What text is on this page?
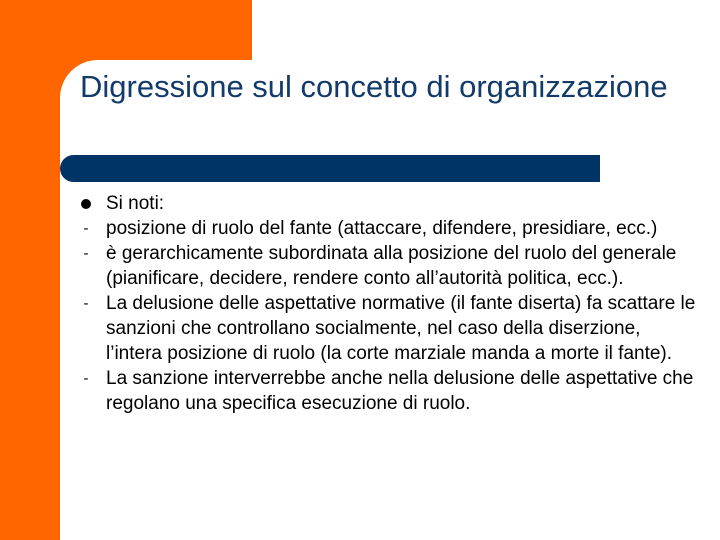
Digressione sul concetto di organizzazione
Si noti:
- posizione di ruolo del fante (attaccare, difendere, presidiare, ecc.)
- è gerarchicamente subordinata alla posizione del ruolo del generale (pianificare, decidere, rendere conto all’autorità politica, ecc.).
- La delusione delle aspettative normative (il fante diserta) fa scattare le sanzioni che controllano socialmente, nel caso della diserzione, l’intera posizione di ruolo (la corte marziale manda a morte il fante).
- La sanzione interverrebbe anche nella delusione delle aspettative che regolano una specifica esecuzione di ruolo.
